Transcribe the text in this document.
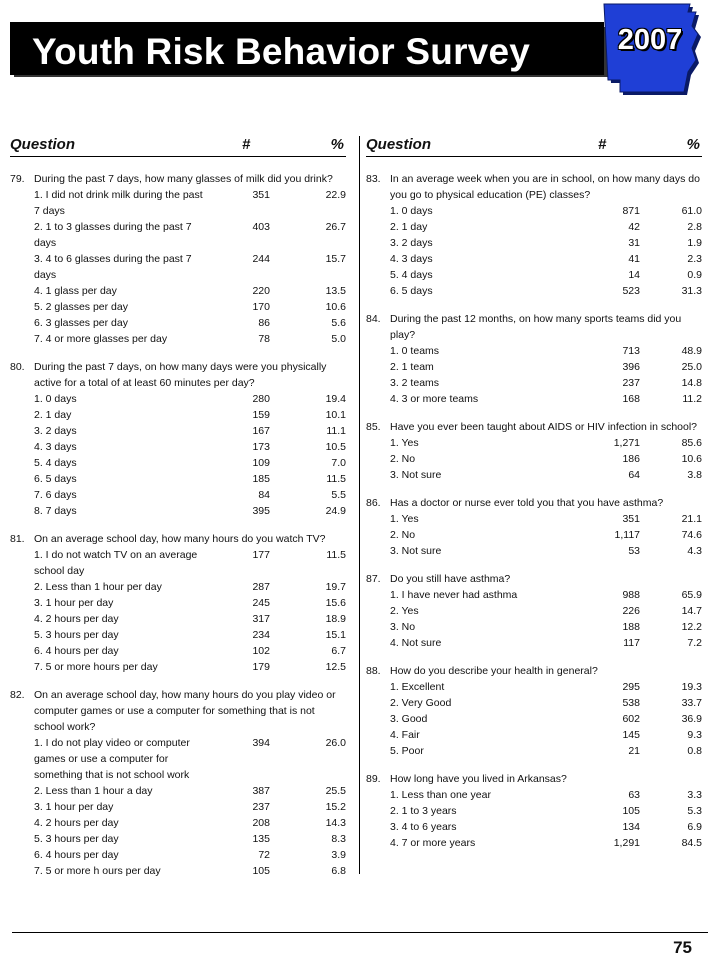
Youth Risk Behavior Survey	2007
Question	#	%
79. During the past 7 days, how many glasses of milk did you drink?
1. I did not drink milk during the past 7 days
351	22.9
2. 1 to 3 glasses during the past 7 days
403	26.7
3. 4 to 6 glasses during the past 7 days
244	15.7
4. 1 glass per day	220	13.5
5. 2 glasses per day	170	10.6
6. 3 glasses per day	86	5.6
7. 4 or more glasses per day	78	5.0
80. During the past 7 days, on how many days were you physically active for a total of at least 60 minutes per day?
1. 0 days	280	19.4
2. 1 day	159	10.1
3. 2 days	167	11.1
4. 3 days	173	10.5
5. 4 days	109	7.0
6. 5 days	185	11.5
7. 6 days	84	5.5
8. 7 days	395	24.9
81. On an average school day, how many hours do you watch TV?
1. I do not watch TV on an average school day
177	11.5
2. Less than 1 hour per day	287	19.7
3. 1 hour per day	245	15.6
4. 2 hours per day	317	18.9
5. 3 hours per day	234	15.1
6. 4 hours per day	102	6.7
7. 5 or more hours per day	179	12.5
82. On an average school day, how many hours do you play video or computer games or use a computer for something that is not school work?
1. I do not play video or computer games or use a computer for something that is not school work
394	26.0
2. Less than 1 hour a day	387	25.5
3. 1 hour per day	237	15.2
4. 2 hours per day	208	14.3
5. 3 hours per day	135	8.3
6. 4 hours per day	72	3.9
7. 5 or more h ours per day	105	6.8
Question	#	%
83. In an average week when you are in school, on how many days do you go to physical education (PE) classes?
1. 0 days	871	61.0
2. 1 day	42	2.8
3. 2 days	31	1.9
4. 3 days	41	2.3
5. 4 days	14	0.9
6. 5 days	523	31.3
84. During the past 12 months, on how many sports teams did you play?
1. 0 teams	713	48.9
2. 1 team	396	25.0
3. 2 teams	237	14.8
4. 3 or more teams	168	11.2
85. Have you ever been taught about AIDS or HIV infection in school?
1. Yes	1,271	85.6
2. No	186	10.6
3. Not sure	64	3.8
86. Has a doctor or nurse ever told you that you have asthma?
1. Yes	351	21.1
2. No	1,117	74.6
3. Not sure	53	4.3
87. Do you still have asthma?
1. I have never had asthma	988	65.9
2. Yes	226	14.7
3. No	188	12.2
4. Not sure	117	7.2
88. How do you describe your health in general?
1. Excellent	295	19.3
2. Very Good	538	33.7
3. Good	602	36.9
4. Fair	145	9.3
5. Poor	21	0.8
89. How long have you lived in Arkansas?
1. Less than one year	63	3.3
2. 1 to 3 years	105	5.3
3. 4 to 6 years	134	6.9
4. 7 or more years	1,291	84.5
75
